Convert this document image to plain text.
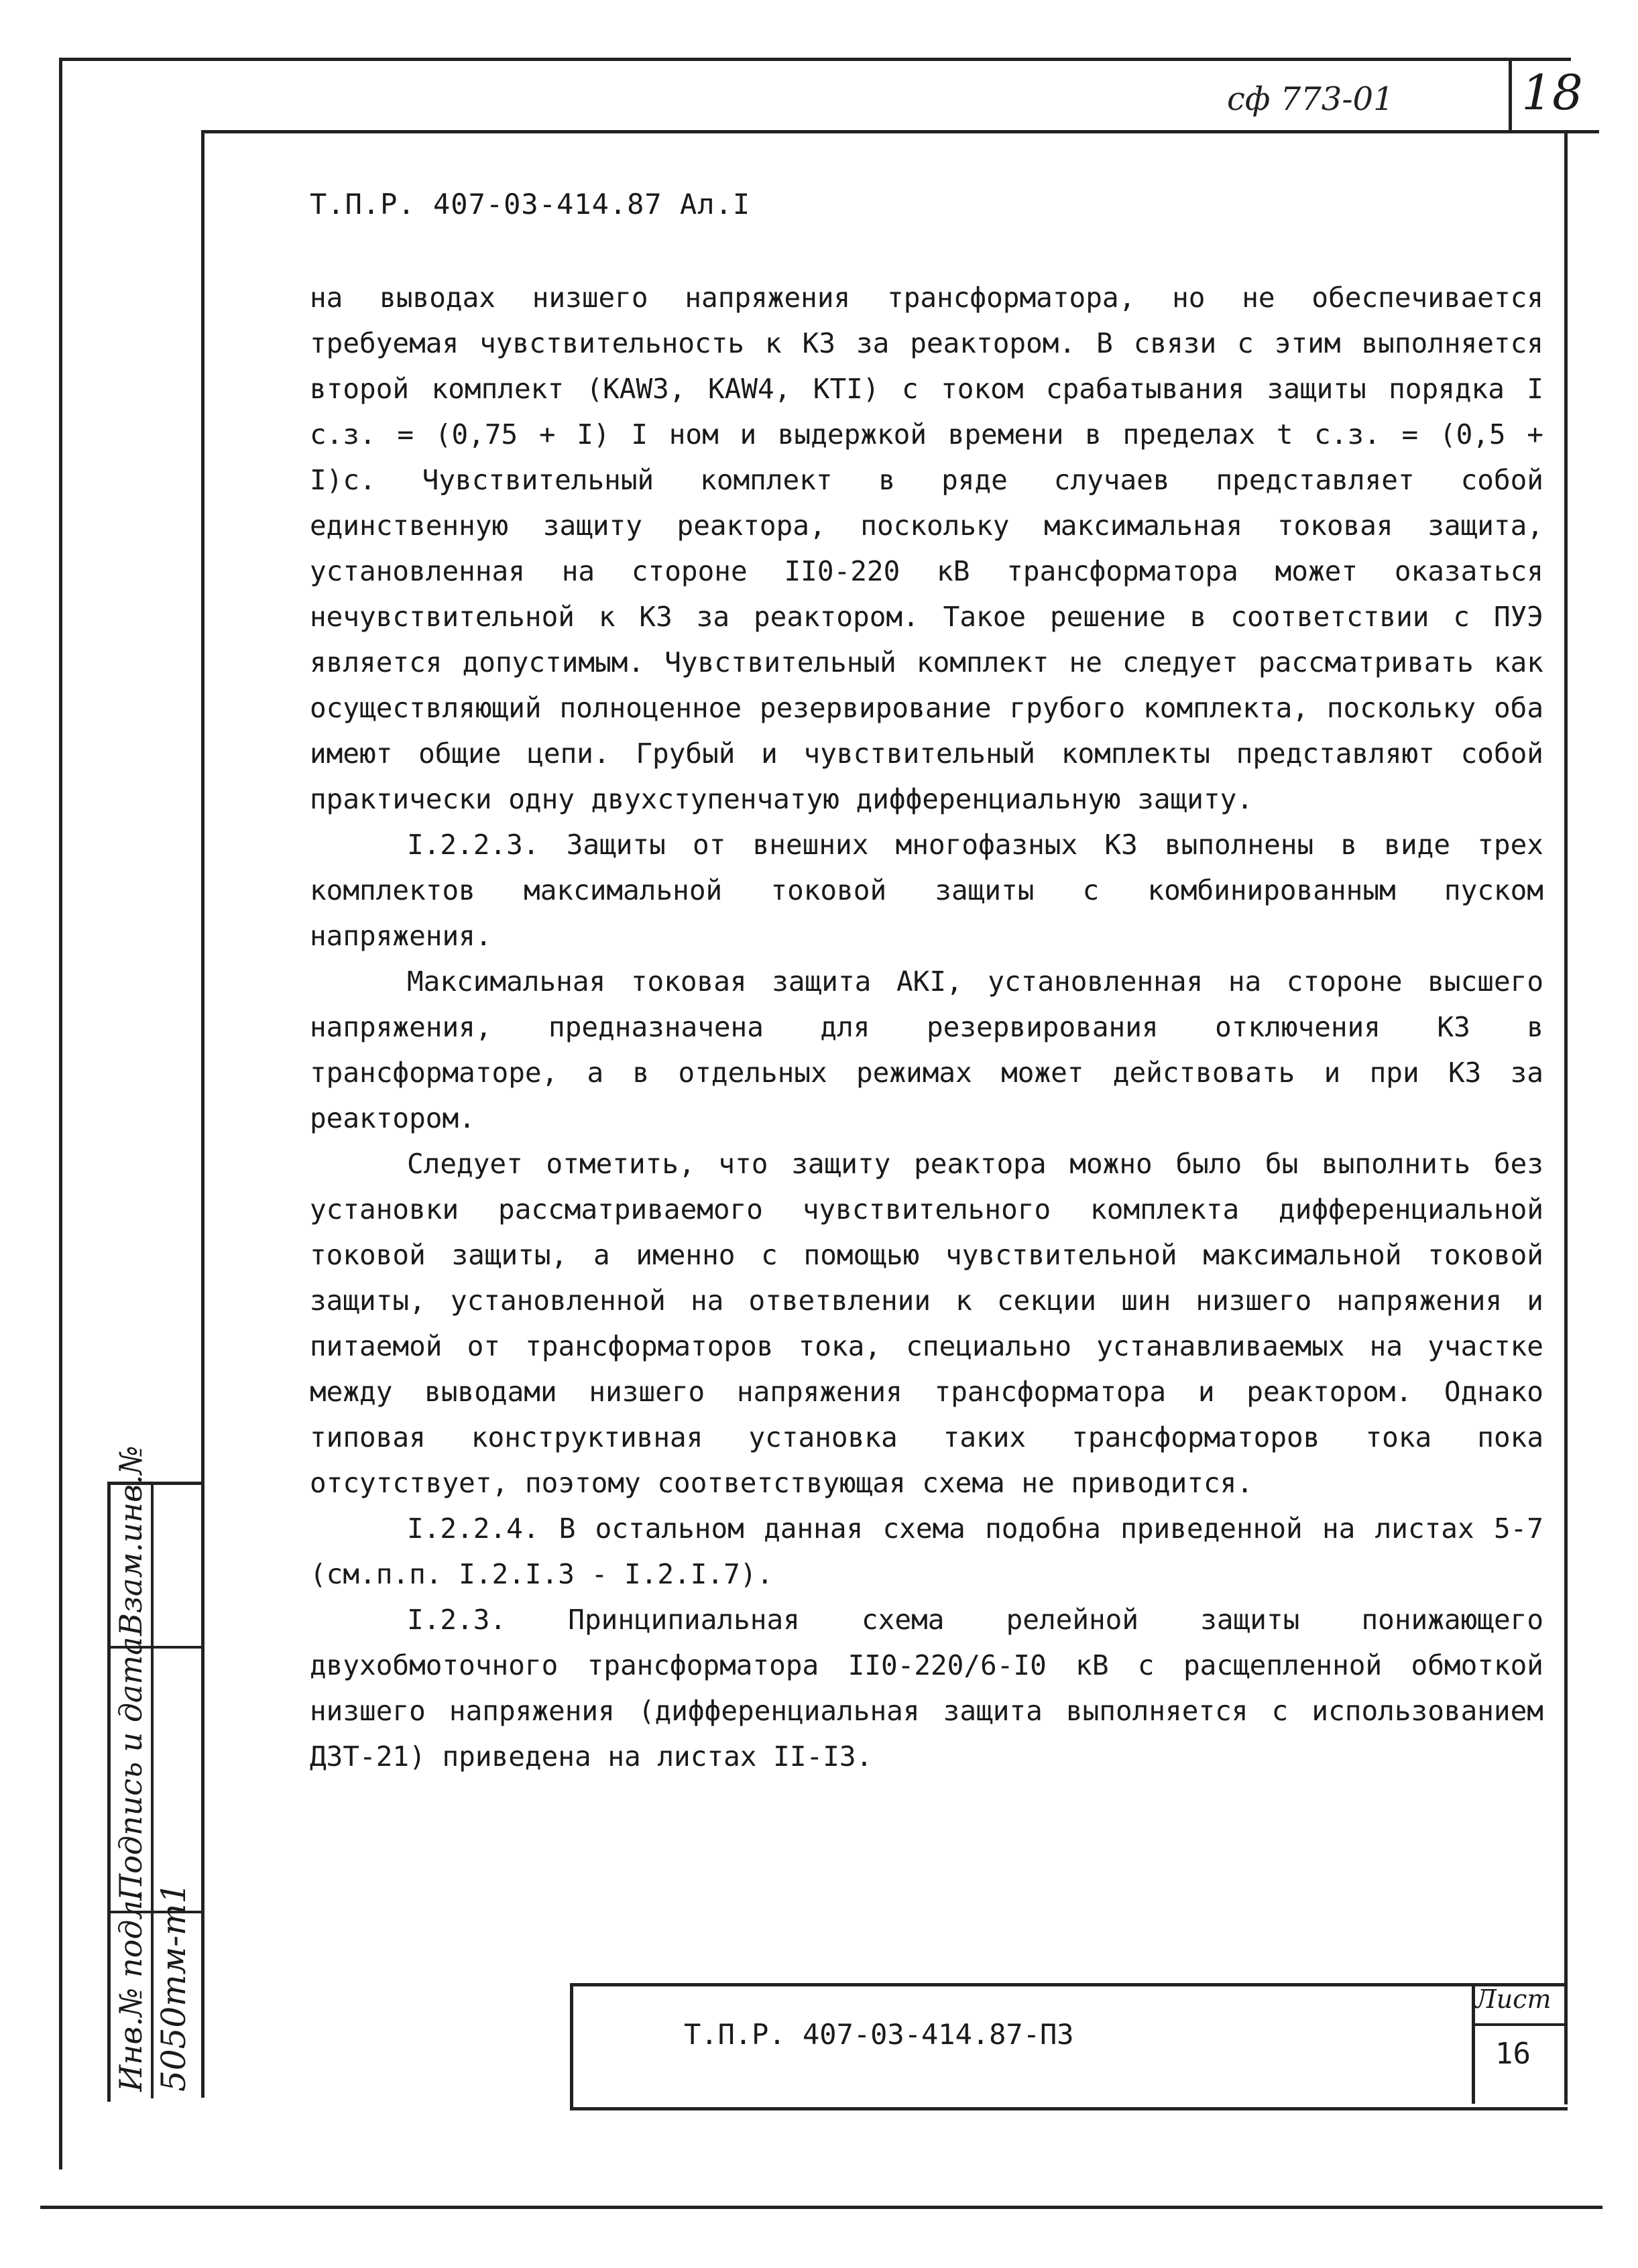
сф 773-01	18
Т.П.Р. 407-03-414.87 Ал.I

на выводах низшего напряжения трансформатора, но не обеспечивается требуемая чувствительность к КЗ за реактором. В связи с этим выполняется второй комплект (KAW3, KAW4, KTI) с током срабатывания защиты порядка I с.з. = (0,75 + I) I ном и выдержкой времени в пределах t c.з. = (0,5 + I)с. Чувствительный комплект в ряде случаев представляет собой единственную защиту реактора, поскольку максимальная токовая защита, установленная на стороне II0-220 кВ трансформатора может оказаться нечувствительной к КЗ за реактором. Такое решение в соответствии с ПУЭ является допустимым. Чувствительный комплект не следует рассматривать как осуществляющий полноценное резервирование грубого комплекта, поскольку оба имеют общие цепи. Грубый и чувствительный комплекты представляют собой практически одну двухступенчатую дифференциальную защиту.

I.2.2.3. Защиты от внешних многофазных КЗ выполнены в виде трех комплектов максимальной токовой защиты с комбинированным пуском напряжения.

Максимальная токовая защита AKI, установленная на стороне высшего напряжения, предназначена для резервирования отключения КЗ в трансформаторе, а в отдельных режимах может действовать и при КЗ за реактором.

Следует отметить, что защиту реактора можно было бы выполнить без установки рассматриваемого чувствительного комплекта дифференциальной токовой защиты, а именно с помощью чувствительной максимальной токовой защиты, установленной на ответвлении к секции шин низшего напряжения и питаемой от трансформаторов тока, специально устанавливаемых на участке между выводами низшего напряжения трансформатора и реактором. Однако типовая конструктивная установка таких трансформаторов тока пока отсутствует, поэтому соответствующая схема не приводится.

I.2.2.4. В остальном данная схема подобна приведенной на листах 5-7 (см.п.п. I.2.I.3 - I.2.I.7).

I.2.3. Принципиальная схема релейной защиты понижающего двухобмоточного трансформатора II0-220/6-I0 кВ с расщепленной обмоткой низшего напряжения (дифференциальная защита выполняется с использованием ДЗТ-21) приведена на листах II-I3.

Т.П.Р. 407-03-414.87-ПЗ
Лист
16
Взам.инв.№
Подпись и дата
Инв.№ подл. 5050тм-т1
